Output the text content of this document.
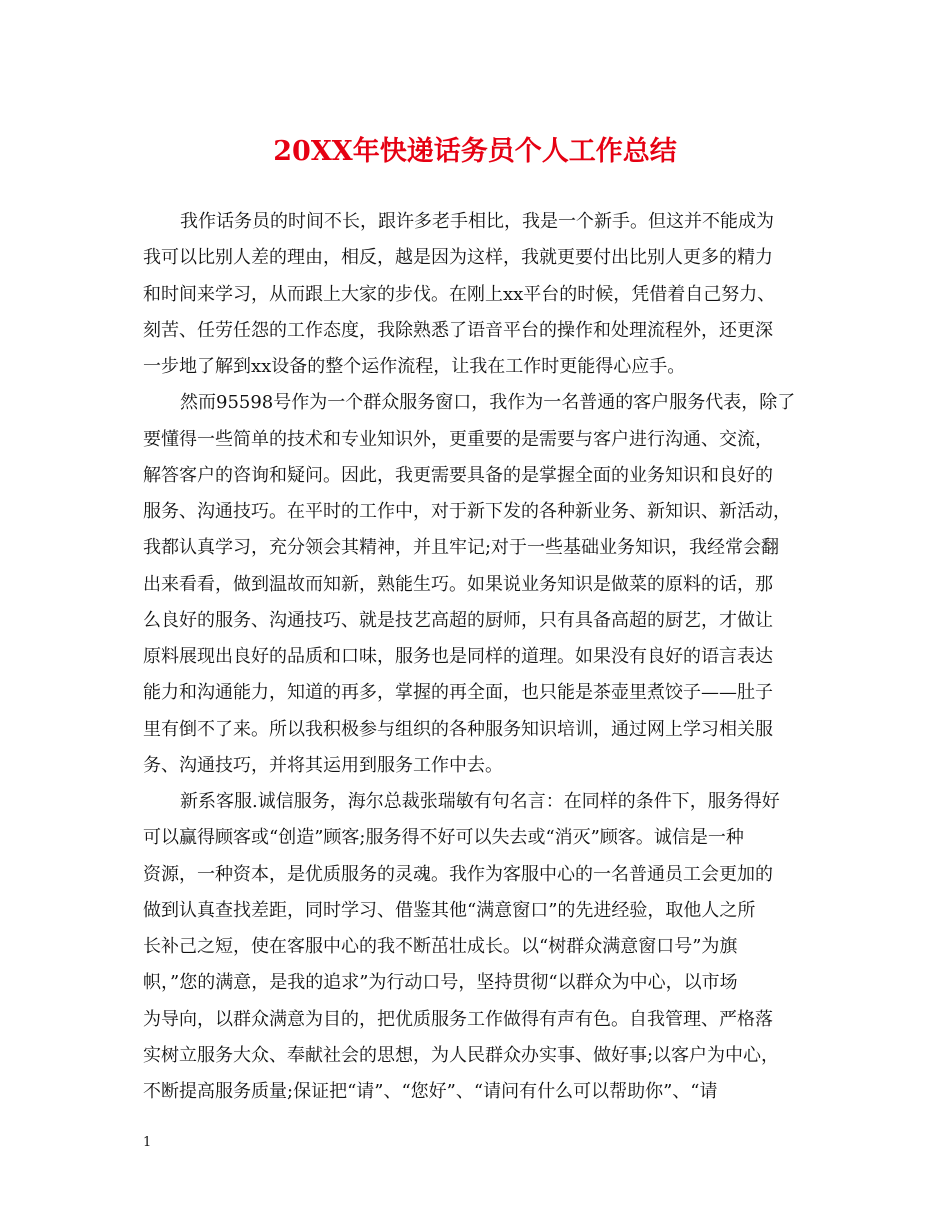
20XX年快递话务员个人工作总结
我作话务员的时间不长，跟许多老手相比，我是一个新手。但这并不能成为
我可以比别人差的理由，相反，越是因为这样，我就更要付出比别人更多的精力
和时间来学习，从而跟上大家的步伐。在刚上xx平台的时候，凭借着自己努力、
刻苦、任劳任怨的工作态度，我除熟悉了语音平台的操作和处理流程外，还更深
一步地了解到xx设备的整个运作流程，让我在工作时更能得心应手。
然而95598号作为一个群众服务窗口，我作为一名普通的客户服务代表，除了
要懂得一些简单的技术和专业知识外，更重要的是需要与客户进行沟通、交流，
解答客户的咨询和疑问。因此，我更需要具备的是掌握全面的业务知识和良好的
服务、沟通技巧。在平时的工作中，对于新下发的各种新业务、新知识、新活动，
我都认真学习，充分领会其精神，并且牢记;对于一些基础业务知识，我经常会翻
出来看看，做到温故而知新，熟能生巧。如果说业务知识是做菜的原料的话，那
么良好的服务、沟通技巧、就是技艺高超的厨师，只有具备高超的厨艺，才做让
原料展现出良好的品质和口味，服务也是同样的道理。如果没有良好的语言表达
能力和沟通能力，知道的再多，掌握的再全面，也只能是茶壶里煮饺子——肚子
里有倒不了来。所以我积极参与组织的各种服务知识培训，通过网上学习相关服
务、沟通技巧，并将其运用到服务工作中去。
新系客服.诚信服务，海尔总裁张瑞敏有句名言：在同样的条件下，服务得好
可以赢得顾客或“创造”顾客;服务得不好可以失去或“消灭”顾客。诚信是一种
资源，一种资本，是优质服务的灵魂。我作为客服中心的一名普通员工会更加的
做到认真查找差距，同时学习、借鉴其他“满意窗口”的先进经验，取他人之所
长补己之短，使在客服中心的我不断茁壮成长。以“树群众满意窗口号”为旗
帜，”您的满意，是我的追求”为行动口号，坚持贯彻“以群众为中心，以市场
为导向，以群众满意为目的，把优质服务工作做得有声有色。自我管理、严格落
实树立服务大众、奉献社会的思想，为人民群众办实事、做好事;以客户为中心，
不断提高服务质量;保证把“请”、“您好”、“请问有什么可以帮助你”、“请
1
